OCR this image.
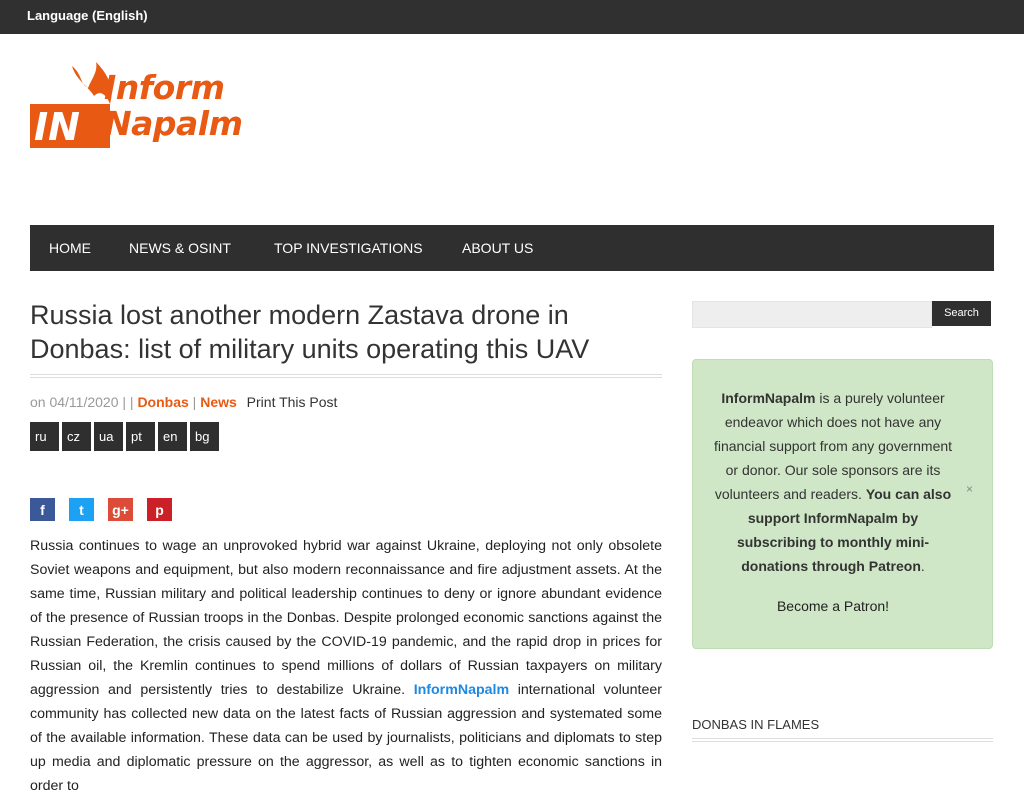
Language (English)
IN
Inform
Napalm
HOME	NEWS & OSINT	TOP INVESTIGATIONS	ABOUT US
Russia lost another modern Zastava drone in Donbas: list of military units operating this UAV
on 04/11/2020 | | Donbas | News Print This Post
ru	cz	ua	pt	en	bg
f	t	g+	p

Russia continues to wage an unprovoked hybrid war against Ukraine, deploying not only obsolete Soviet weapons and equipment, but also modern reconnaissance and fire adjustment assets. At the same time, Russian military and political leadership continues to deny or ignore abundant evidence of the presence of Russian troops in the Donbas. Despite prolonged economic sanctions against the Russian Federation, the crisis caused by the COVID-19 pandemic, and the rapid drop in prices for Russian oil, the Kremlin continues to spend millions of dollars of Russian taxpayers on military aggression and persistently tries to destabilize Ukraine. InformNapalm international volunteer community has collected new data on the latest facts of Russian aggression and systemated some of the available information. These data can be used by journalists, politicians and diplomats to step up media and diplomatic pressure on the aggressor, as well as to tighten economic sanctions in order to

Search
InformNapalm is a purely volunteer endeavor which does not have any financial support from any government or donor. Our sole sponsors are its volunteers and readers. You can also support InformNapalm by subscribing to monthly mini-donations through Patreon.
×
Become a Patron!
DONBAS IN FLAMES
